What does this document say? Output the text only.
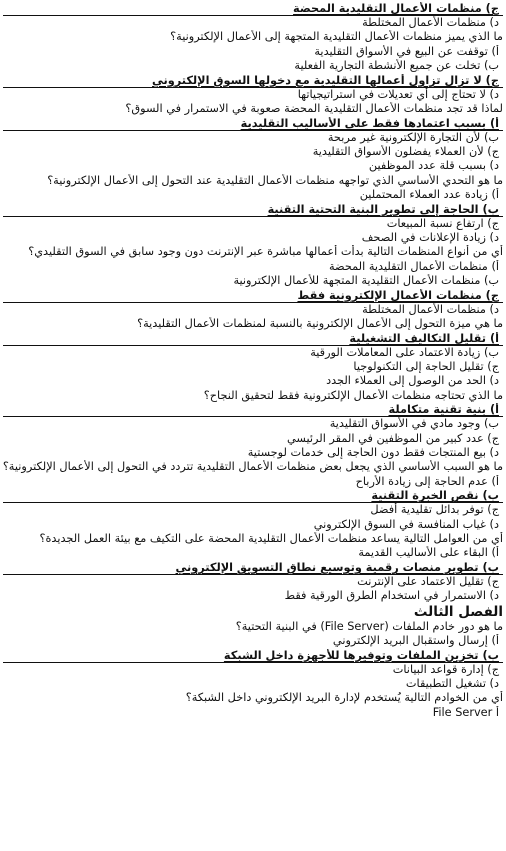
ج) منظمات الأعمال التقليدية المحضة
د) منظمات الأعمال المختلطة
ما الذي يميز منظمات الأعمال التقليدية المتجهة إلى الأعمال الإلكترونية؟
أ) توقفت عن البيع في الأسواق التقليدية
ب) تخلت عن جميع الأنشطة التجارية الفعلية
ج) لا تزال تزاول أعمالها التقليدية مع دخولها السوق الإلكتروني
د) لا تحتاج إلى أي تعديلات في استراتيجياتها
لماذا قد تجد منظمات الأعمال التقليدية المحضة صعوبة في الاستمرار في السوق؟
أ) بسبب اعتمادها فقط على الأساليب التقليدية
ب) لأن التجارة الإلكترونية غير مربحة
ج) لأن العملاء يفضلون الأسواق التقليدية
د) بسبب قلة عدد الموظفين
ما هو التحدي الأساسي الذي تواجهه منظمات الأعمال التقليدية عند التحول إلى الأعمال الإلكترونية؟
أ) زيادة عدد العملاء المحتملين
ب) الحاجة إلى تطوير البنية التحتية التقنية
ج) ارتفاع نسبة المبيعات
د) زيادة الإعلانات في الصحف
أي من أنواع المنظمات التالية بدأت أعمالها مباشرة عبر الإنترنت دون وجود سابق في السوق التقليدي؟
أ) منظمات الأعمال التقليدية المحضة
ب) منظمات الأعمال التقليدية المتجهة للأعمال الإلكترونية
ج) منظمات الأعمال الإلكترونية فقط
د) منظمات الأعمال المختلطة
ما هي ميزة التحول إلى الأعمال الإلكترونية بالنسبة لمنظمات الأعمال التقليدية؟
أ) تقليل التكاليف التشغيلية
ب) زيادة الاعتماد على المعاملات الورقية
ج) تقليل الحاجة إلى التكنولوجيا
د) الحد من الوصول إلى العملاء الجدد
ما الذي تحتاجه منظمات الأعمال الإلكترونية فقط لتحقيق النجاح؟
أ) بنية تقنية متكاملة
ب) وجود مادي في الأسواق التقليدية
ج) عدد كبير من الموظفين في المقر الرئيسي
د) بيع المنتجات فقط دون الحاجة إلى خدمات لوجستية
ما هو السبب الأساسي الذي يجعل بعض منظمات الأعمال التقليدية تتردد في التحول إلى الأعمال الإلكترونية؟
أ) عدم الحاجة إلى زيادة الأرباح
ب) نقص الخبرة التقنية
ج) توفر بدائل تقليدية أفضل
د) غياب المنافسة في السوق الإلكتروني
أي من العوامل التالية يساعد منظمات الأعمال التقليدية المحضة على التكيف مع بيئة العمل الجديدة؟
أ) البقاء على الأساليب القديمة
ب) تطوير منصات رقمية وتوسيع نطاق التسويق الإلكتروني
ج) تقليل الاعتماد على الإنترنت
د) الاستمرار في استخدام الطرق الورقية فقط
الفصل الثالث
ما هو دور خادم الملفات (File Server) في البنية التحتية؟
أ) إرسال واستقبال البريد الإلكتروني
ب) تخزين الملفات وتوفيرها للأجهزة داخل الشبكة
ج) إدارة قواعد البيانات
د) تشغيل التطبيقات
أي من الخوادم التالية يُستخدم لإدارة البريد الإلكتروني داخل الشبكة؟
أ File Server
